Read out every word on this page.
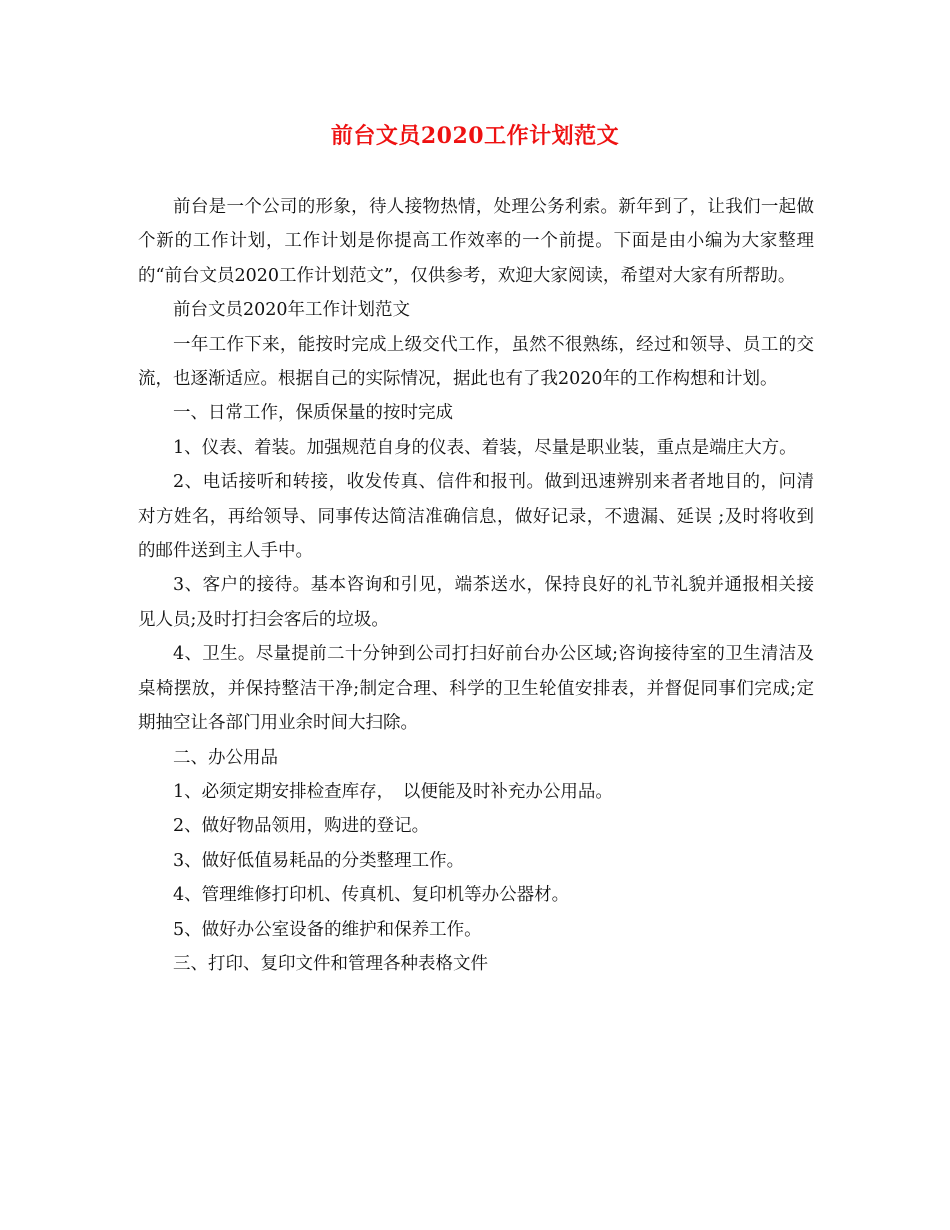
前台文员2020工作计划范文

前台是一个公司的形象，待人接物热情，处理公务利索。新年到了，让我们一起做个新的工作计划，工作计划是你提高工作效率的一个前提。下面是由小编为大家整理的“前台文员2020工作计划范文”，仅供参考，欢迎大家阅读，希望对大家有所帮助。

前台文员2020年工作计划范文

一年工作下来，能按时完成上级交代工作，虽然不很熟练，经过和领导、员工的交流，也逐渐适应。根据自己的实际情况，据此也有了我2020年的工作构想和计划。

一、日常工作，保质保量的按时完成

1、仪表、着装。加强规范自身的仪表、着装，尽量是职业装，重点是端庄大方。

2、电话接听和转接，收发传真、信件和报刊。做到迅速辨别来者者地目的，问清对方姓名，再给领导、同事传达简洁准确信息，做好记录，不遗漏、延误 ;及时将收到的邮件送到主人手中。

3、客户的接待。基本咨询和引见，端茶送水，保持良好的礼节礼貌并通报相关接见人员;及时打扫会客后的垃圾。

4、卫生。尽量提前二十分钟到公司打扫好前台办公区域;咨询接待室的卫生清洁及桌椅摆放，并保持整洁干净;制定合理、科学的卫生轮值安排表，并督促同事们完成;定期抽空让各部门用业余时间大扫除。

二、办公用品

1、必须定期安排检查库存，　以便能及时补充办公用品。

2、做好物品领用，购进的登记。

3、做好低值易耗品的分类整理工作。

4、管理维修打印机、传真机、复印机等办公器材。

5、做好办公室设备的维护和保养工作。

三、打印、复印文件和管理各种表格文件
